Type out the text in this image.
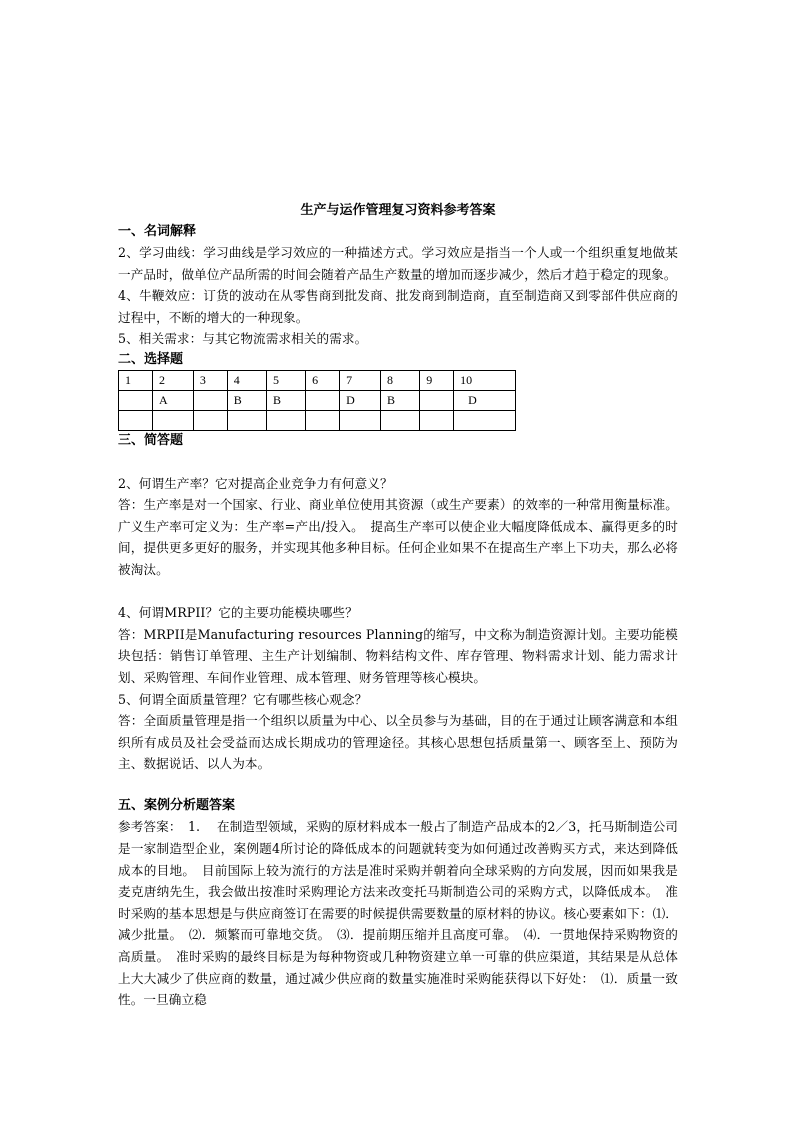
生产与运作管理复习资料参考答案
一、名词解释

2、学习曲线：学习曲线是学习效应的一种描述方式。学习效应是指当一个人或一个组织重复地做某一产品时，做单位产品所需的时间会随着产品生产数量的增加而逐步减少，然后才趋于稳定的现象。

4、牛鞭效应：订货的波动在从零售商到批发商、批发商到制造商，直至制造商又到零部件供应商的过程中，不断的增大的一种现象。

5、相关需求：与其它物流需求相关的需求。

二、选择题
1	2	3	4	5	6	7	8	9	10
	A		B	B		D	B		D

三、简答题

2、何谓生产率？它对提高企业竞争力有何意义？

答：生产率是对一个国家、行业、商业单位使用其资源（或生产要素）的效率的一种常用衡量标准。广义生产率可定义为：生产率=产出/投入。　提高生产率可以使企业大幅度降低成本、赢得更多的时间，提供更多更好的服务，并实现其他多种目标。任何企业如果不在提高生产率上下功夫，那么必将被淘汰。

4、何谓MRPII？它的主要功能模块哪些？

答：MRPII是Manufacturing resources Planning的缩写，中文称为制造资源计划。主要功能模块包括：销售订单管理、主生产计划编制、物料结构文件、库存管理、物料需求计划、能力需求计划、采购管理、车间作业管理、成本管理、财务管理等核心模块。

5、何谓全面质量管理？它有哪些核心观念？

答：全面质量管理是指一个组织以质量为中心、以全员参与为基础，目的在于通过让顾客满意和本组织所有成员及社会受益而达成长期成功的管理途径。其核心思想包括质量第一、顾客至上、预防为主、数据说话、以人为本。

五、案例分析题答案

参考答案：　1.　 在制造型领域，采购的原材料成本一般占了制造产品成本的2／3，托马斯制造公司是一家制造型企业，案例题4所讨论的降低成本的问题就转变为如何通过改善购买方式，来达到降低成本的目地。　目前国际上较为流行的方法是准时采购并朝着向全球采购的方向发展，因而如果我是麦克唐纳先生，我会做出按准时采购理论方法来改变托马斯制造公司的采购方式，以降低成本。　准时采购的基本思想是与供应商签订在需要的时候提供需要数量的原材料的协议。核心要素如下：⑴．减少批量。　⑵．频繁而可靠地交货。　⑶．提前期压缩并且高度可靠。　⑷．一贯地保持采购物资的高质量。　准时采购的最终目标是为每种物资或几种物资建立单一可靠的供应渠道，其结果是从总体上大大减少了供应商的数量，通过减少供应商的数量实施准时采购能获得以下好处：　⑴．质量一致性。一旦确立稳
